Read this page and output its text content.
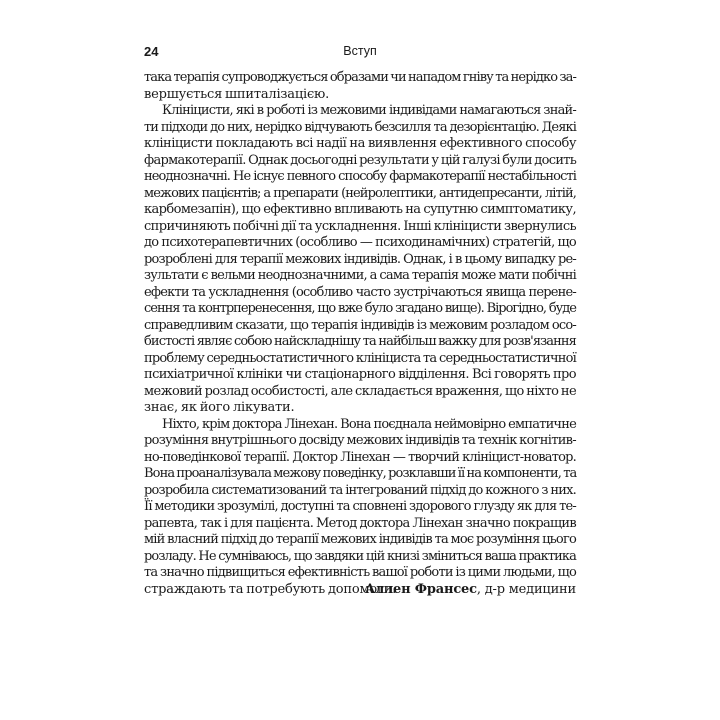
24	Вступ
така терапія супроводжується образами чи нападом гніву та нерідко за-
вершується шпиталізацією.
Клініцисти, які в роботі із межовими індивідами намагаються знай-
ти підходи до них, нерідко відчувають безсилля та дезорієнтацію. Деякі
клініцисти покладають всі надії на виявлення ефективного способу
фармакотерапії. Однак досьогодні результати у цій галузі були досить
неоднозначні. Не існує певного способу фармакотерапії нестабільності
межових пацієнтів; а препарати (нейролептики, антидепресанти, літій,
карбомезапін), що ефективно впливають на супутню симптоматику,
спричиняють побічні дії та ускладнення. Інші клініцисти звернулись
до психотерапевтичних (особливо — психодинамічних) стратегій, що
розроблені для терапії межових індивідів. Однак, і в цьому випадку ре-
зультати є вельми неоднозначними, а сама терапія може мати побічні
ефекти та ускладнення (особливо часто зустрічаються явища перене-
сення та контрперенесення, що вже було згадано вище). Вірогідно, буде
справедливим сказати, що терапія індивідів із межовим розладом осо-
бистості являє собою найскладнішу та найбільш важку для розв'язання
проблему середньостатистичного клініциста та середньостатистичної
психіатричної клініки чи стаціонарного відділення. Всі говорять про
межовий розлад особистості, але складається враження, що ніхто не
знає, як його лікувати.
Ніхто, крім доктора Лінехан. Вона поєднала неймовірно емпатичне
розуміння внутрішнього досвіду межових індивідів та технік когнітив-
но-поведінкової терапії. Доктор Лінехан — творчий клініцист-новатор.
Вона проаналізувала межову поведінку, розклавши її на компоненти, та
розробила систематизований та інтегрований підхід до кожного з них.
Її методики зрозумілі, доступні та сповнені здорового глузду як для те-
рапевта, так і для пацієнта. Метод доктора Лінехан значно покращив
мій власний підхід до терапії межових індивідів та моє розуміння цього
розладу. Не сумніваюсь, що завдяки цій книзі зміниться ваша практика
та значно підвищиться ефективність вашої роботи із цими людьми, що
страждають та потребують допомоги.
Аллен Франсес, д-р медицини
